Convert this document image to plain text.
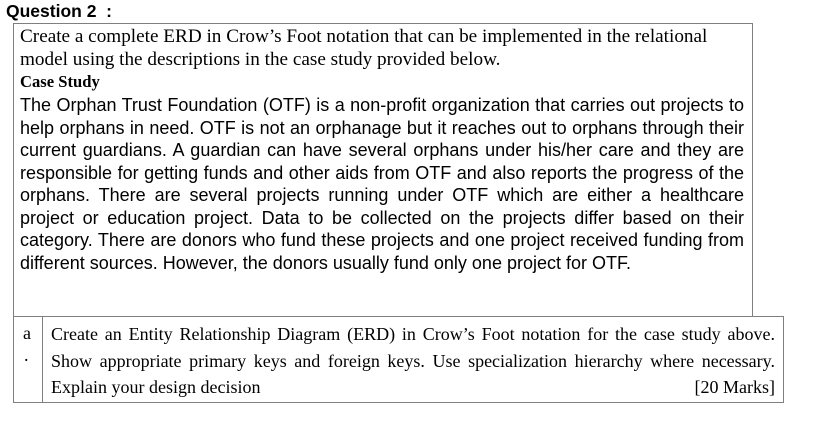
Question 2  :

Create a complete ERD in Crow’s Foot notation that can be implemented in the relational model using the descriptions in the case study provided below.

Case Study

The Orphan Trust Foundation (OTF) is a non-profit organization that carries out projects to help orphans in need. OTF is not an orphanage but it reaches out to orphans through their current guardians. A guardian can have several orphans under his/her care and they are responsible for getting funds and other aids from OTF and also reports the progress of the orphans. There are several projects running under OTF which are either a healthcare project or education project. Data to be collected on the projects differ based on their category. There are donors who fund these projects and one project received funding from different sources. However, the donors usually fund only one project for OTF.

a
.

Create an Entity Relationship Diagram (ERD) in Crow’s Foot notation for the case study above. Show appropriate primary keys and foreign keys. Use specialization hierarchy where necessary. Explain your design decision	[20 Marks]
